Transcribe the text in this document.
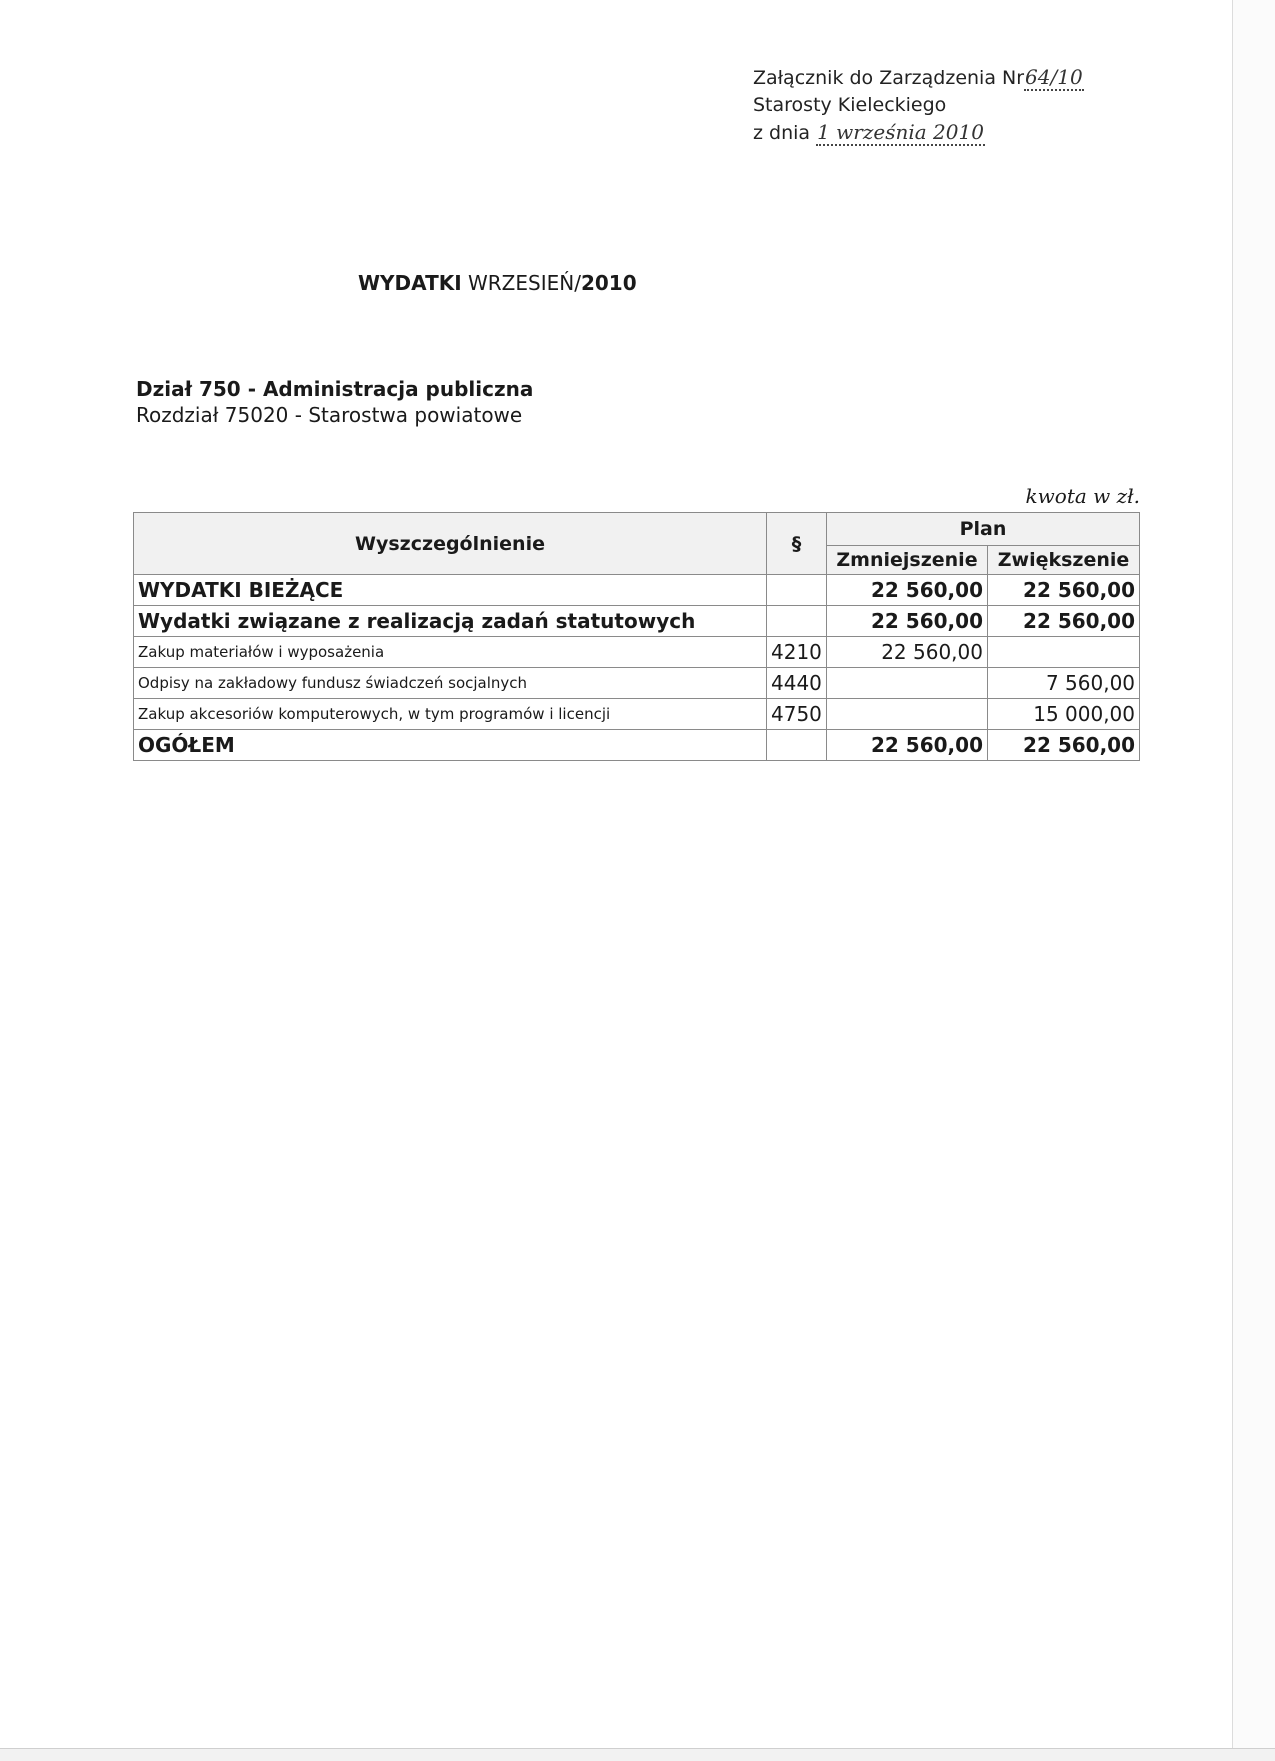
Załącznik do Zarządzenia Nr64/10
Starosty Kieleckiego
z dnia 1 września 2010
WYDATKI WRZESIEŃ/2010
Dział 750 - Administracja publiczna
Rozdział 75020 - Starostwa powiatowe
kwota w zł.
Wyszczególnienie	§	Plan	
		Zmniejszenie	Zwiększenie
WYDATKI BIEŻĄCE		22 560,00	22 560,00
Wydatki związane z realizacją zadań statutowych		22 560,00	22 560,00
Zakup materiałów i wyposażenia	4210	22 560,00	
Odpisy na zakładowy fundusz świadczeń socjalnych	4440		7 560,00
Zakup akcesoriów komputerowych, w tym programów i licencji	4750		15 000,00
OGÓŁEM		22 560,00	22 560,00
